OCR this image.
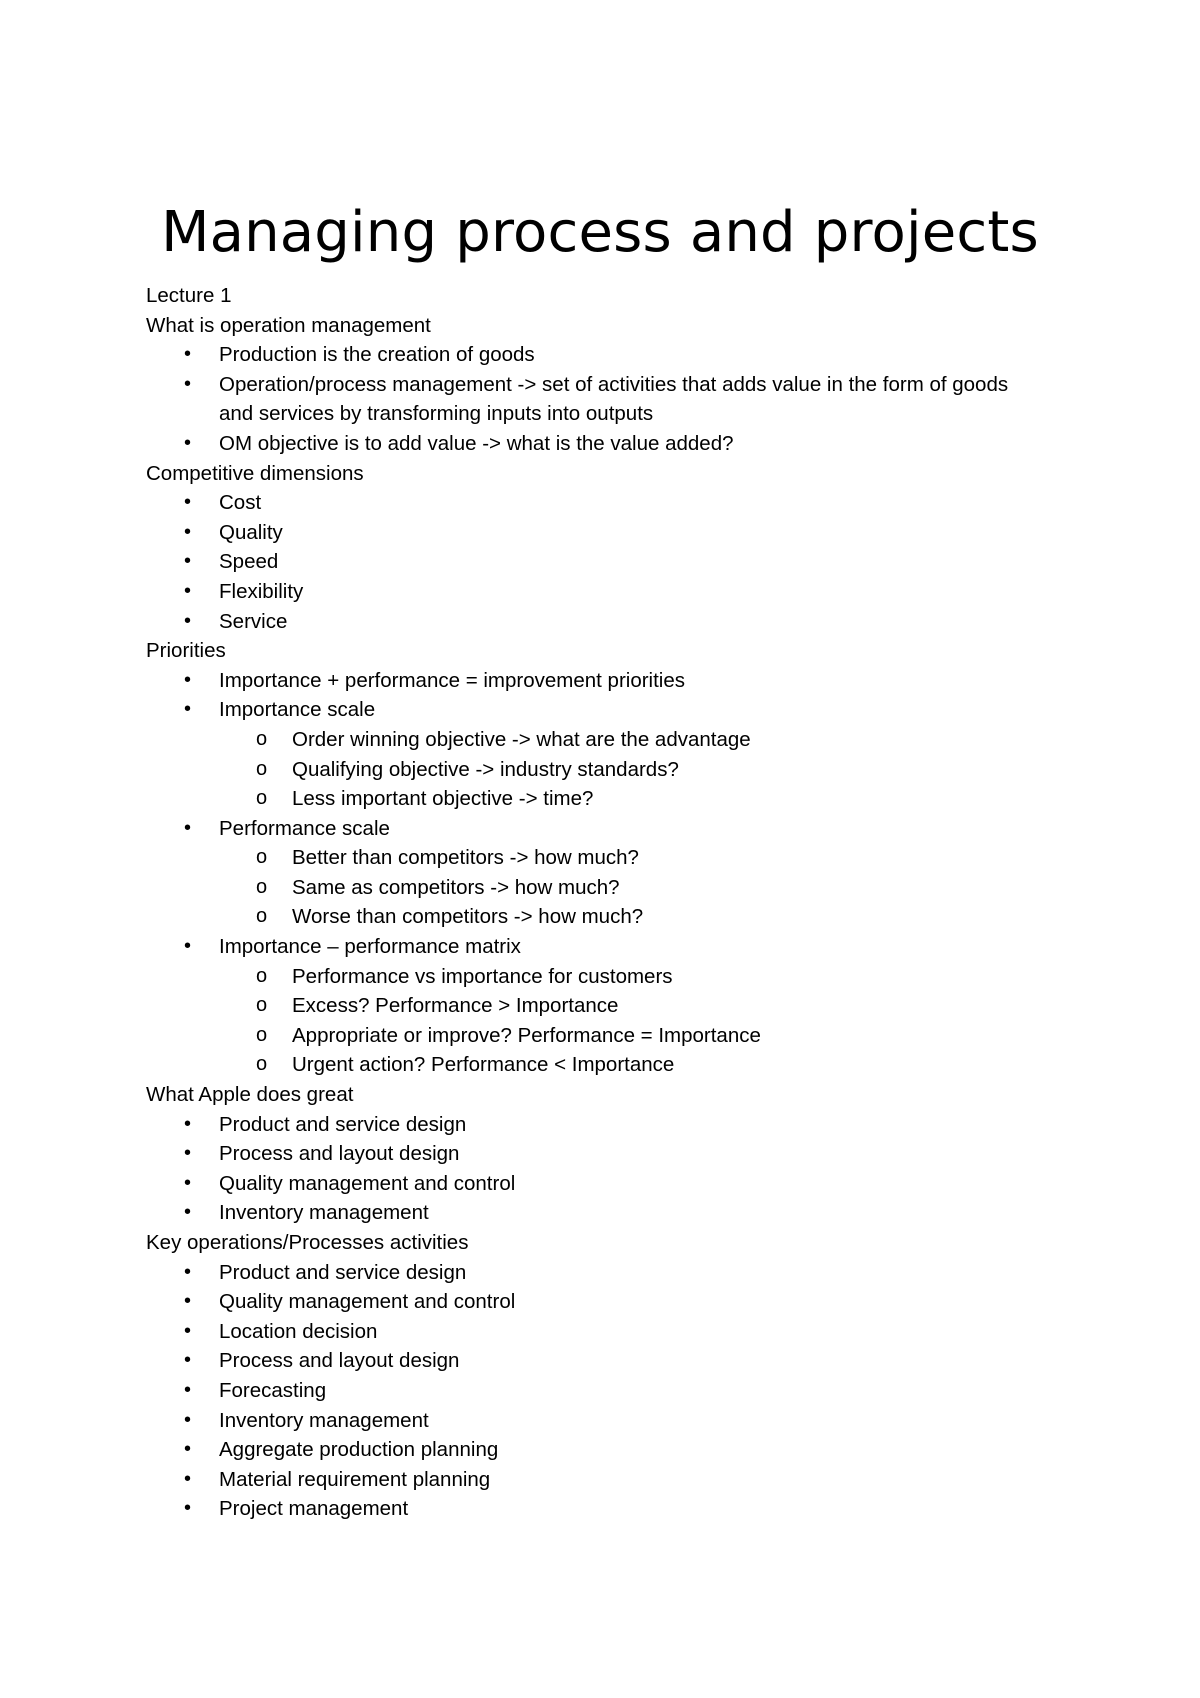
Managing process and projects
Lecture 1
What is operation management
• Production is the creation of goods
• Operation/process management -> set of activities that adds value in the form of goods and services by transforming inputs into outputs
• OM objective is to add value -> what is the value added?
Competitive dimensions
• Cost
• Quality
• Speed
• Flexibility
• Service
Priorities
• Importance + performance = improvement priorities
• Importance scale
o Order winning objective -> what are the advantage
o Qualifying objective -> industry standards?
o Less important objective -> time?
• Performance scale
o Better than competitors -> how much?
o Same as competitors -> how much?
o Worse than competitors -> how much?
• Importance – performance matrix
o Performance vs importance for customers
o Excess? Performance > Importance
o Appropriate or improve? Performance = Importance
o Urgent action? Performance < Importance
What Apple does great
• Product and service design
• Process and layout design
• Quality management and control
• Inventory management
Key operations/Processes activities
• Product and service design
• Quality management and control
• Location decision
• Process and layout design
• Forecasting
• Inventory management
• Aggregate production planning
• Material requirement planning
• Project management
